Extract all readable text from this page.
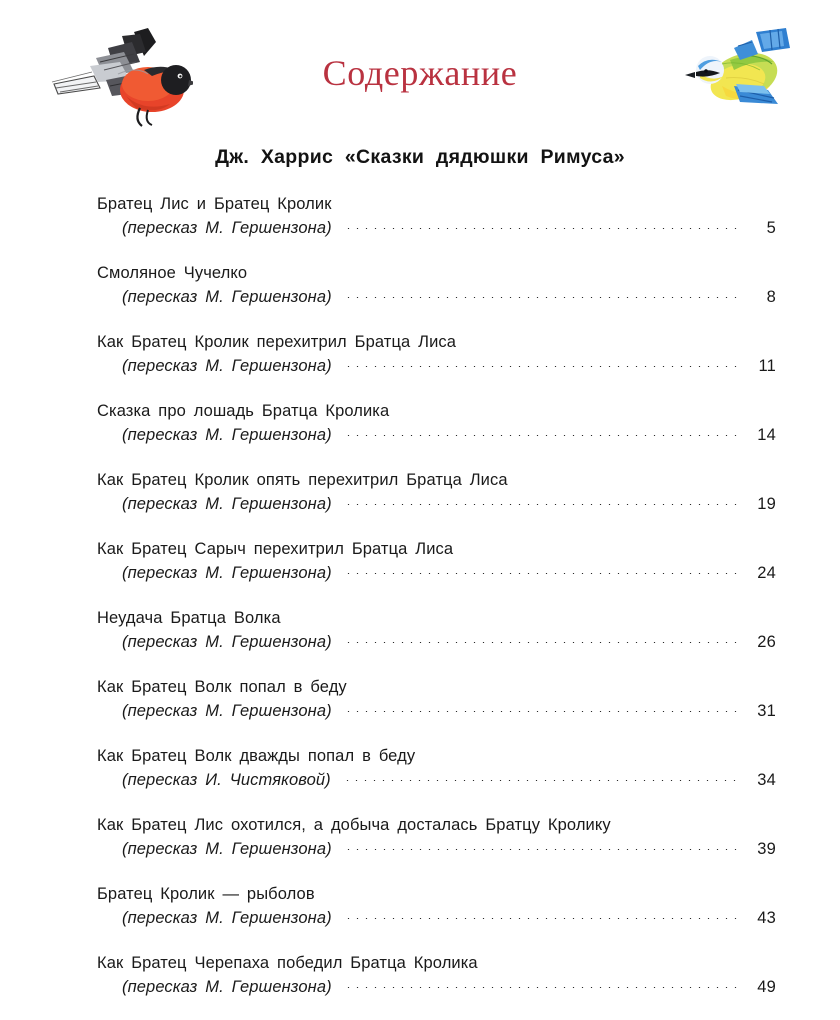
Содержание
Дж. Харрис «Сказки дядюшки Римуса»
Братец Лис и Братец Кролик
(пересказ М. Гершензона)	5
Смоляное Чучелко
(пересказ М. Гершензона)	8
Как Братец Кролик перехитрил Братца Лиса
(пересказ М. Гершензона)	11
Сказка про лошадь Братца Кролика
(пересказ М. Гершензона)	14
Как Братец Кролик опять перехитрил Братца Лиса
(пересказ М. Гершензона)	19
Как Братец Сарыч перехитрил Братца Лиса
(пересказ М. Гершензона)	24
Неудача Братца Волка
(пересказ М. Гершензона)	26
Как Братец Волк попал в беду
(пересказ М. Гершензона)	31
Как Братец Волк дважды попал в беду
(пересказ И. Чистяковой)	34
Как Братец Лис охотился, а добыча досталась Братцу Кролику
(пересказ М. Гершензона)	39
Братец Кролик — рыболов
(пересказ М. Гершензона)	43
Как Братец Черепаха победил Братца Кролика
(пересказ М. Гершензона)	49
